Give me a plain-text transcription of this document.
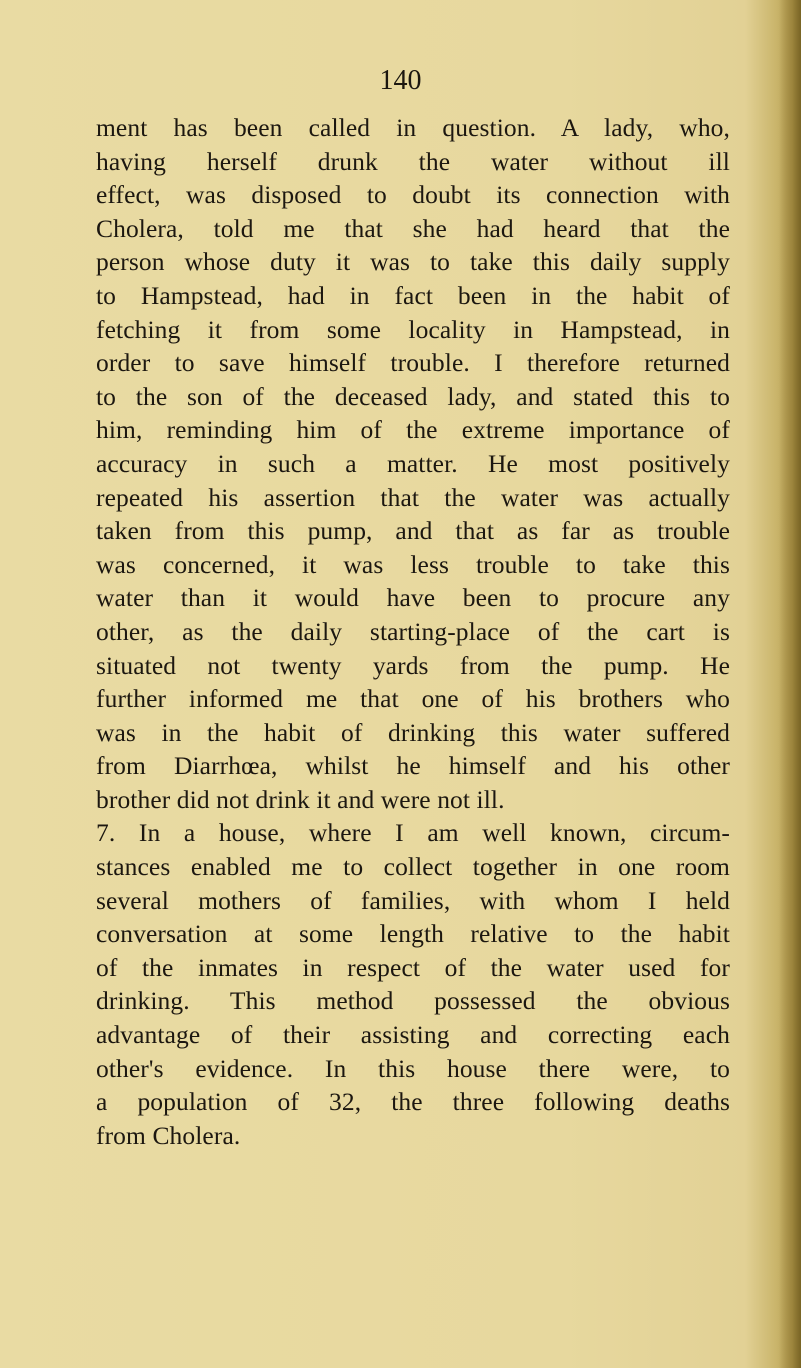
140
ment has been called in question. A lady, who,
having herself drunk the water without ill
effect, was disposed to doubt its connection with
Cholera, told me that she had heard that the
person whose duty it was to take this daily supply
to Hampstead, had in fact been in the habit of
fetching it from some locality in Hampstead, in
order to save himself trouble. I therefore returned
to the son of the deceased lady, and stated this to
him, reminding him of the extreme importance of
accuracy in such a matter. He most positively
repeated his assertion that the water was actually
taken from this pump, and that as far as trouble
was concerned, it was less trouble to take this
water than it would have been to procure any
other, as the daily starting-place of the cart is
situated not twenty yards from the pump. He
further informed me that one of his brothers who
was in the habit of drinking this water suffered
from Diarrhœa, whilst he himself and his other
brother did not drink it and were not ill.
7. In a house, where I am well known, circum-
stances enabled me to collect together in one room
several mothers of families, with whom I held
conversation at some length relative to the habit
of the inmates in respect of the water used for
drinking. This method possessed the obvious
advantage of their assisting and correcting each
other's evidence. In this house there were, to
a population of 32, the three following deaths
from Cholera.
